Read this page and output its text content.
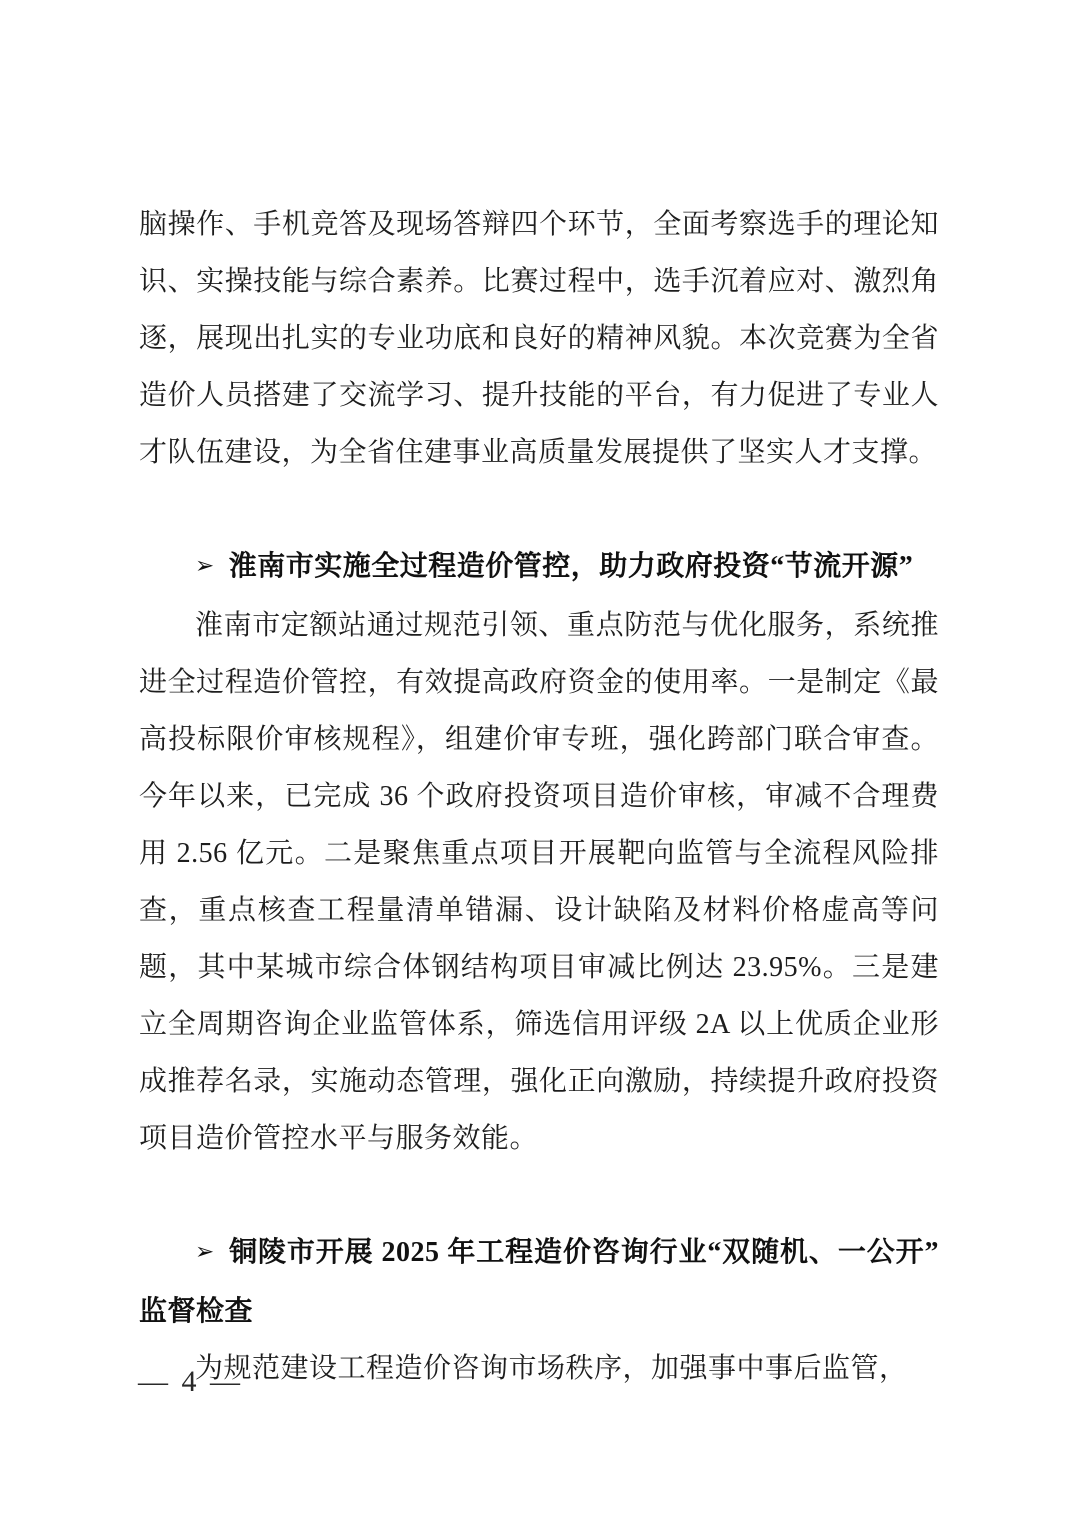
脑操作、手机竞答及现场答辩四个环节，全面考察选手的理论知识、实操技能与综合素养。比赛过程中，选手沉着应对、激烈角逐，展现出扎实的专业功底和良好的精神风貌。本次竞赛为全省造价人员搭建了交流学习、提升技能的平台，有力促进了专业人才队伍建设，为全省住建事业高质量发展提供了坚实人才支撑。

➢ 淮南市实施全过程造价管控，助力政府投资“节流开源”

淮南市定额站通过规范引领、重点防范与优化服务，系统推进全过程造价管控，有效提高政府资金的使用率。一是制定《最高投标限价审核规程》，组建价审专班，强化跨部门联合审查。今年以来，已完成 36 个政府投资项目造价审核，审减不合理费用 2.56 亿元。二是聚焦重点项目开展靶向监管与全流程风险排查，重点核查工程量清单错漏、设计缺陷及材料价格虚高等问题，其中某城市综合体钢结构项目审减比例达 23.95%。三是建立全周期咨询企业监管体系，筛选信用评级 2A 以上优质企业形成推荐名录，实施动态管理，强化正向激励，持续提升政府投资项目造价管控水平与服务效能。

➢ 铜陵市开展 2025 年工程造价咨询行业“双随机、一公开”监督检查

为规范建设工程造价咨询市场秩序，加强事中事后监管，

— 4 —
